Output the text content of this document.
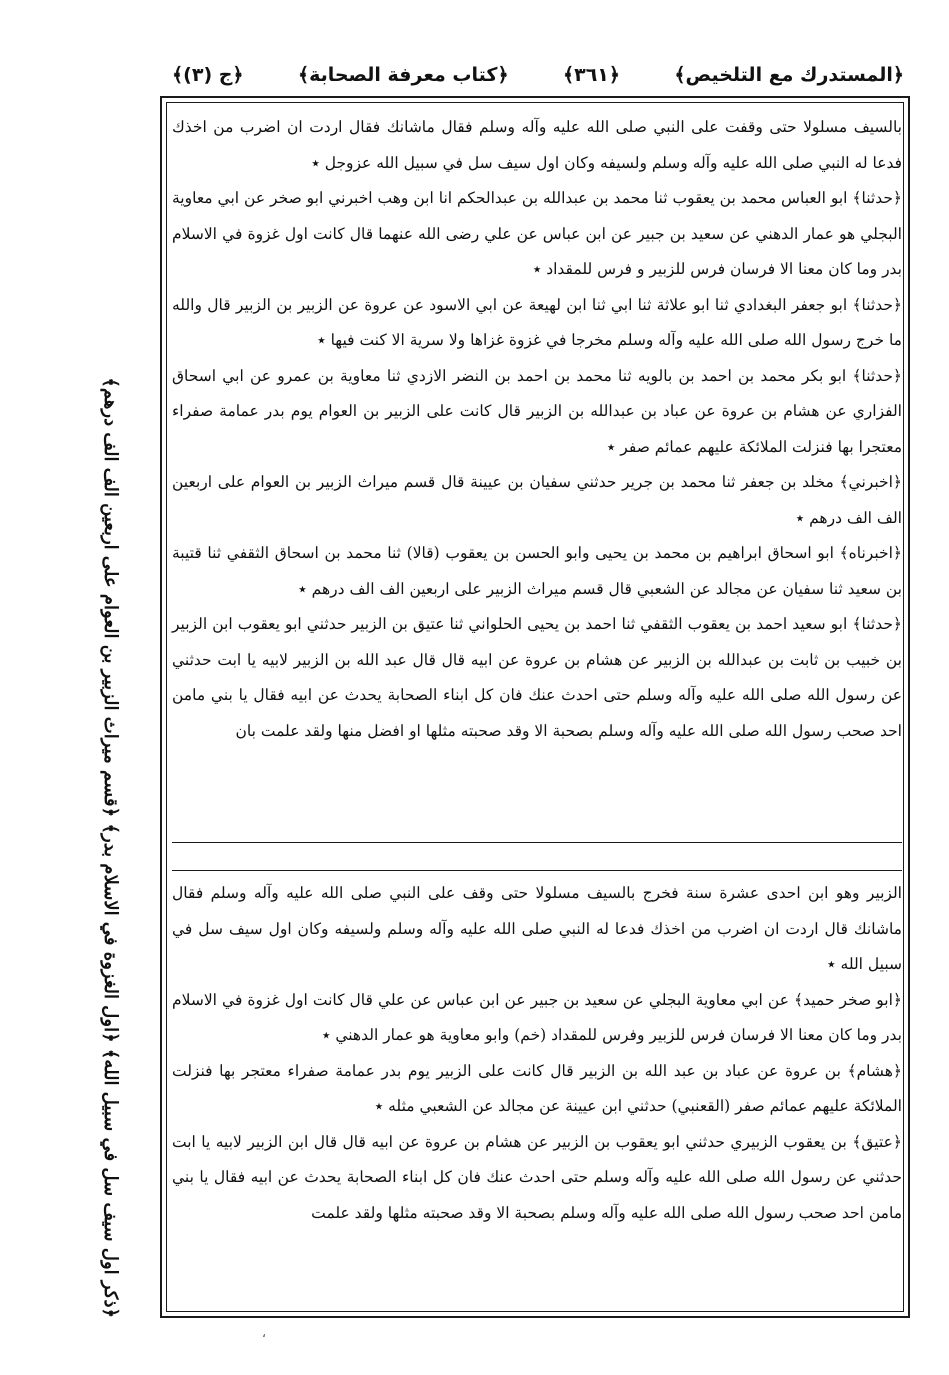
﴿المستدرك مع التلخيص﴾
﴿٣٦١﴾
﴿كتاب معرفة الصحابة﴾
﴿ج (٣)﴾
﴿ذكر اول سيف سل في سبيل الله﴾ ﴿اول الغزوة في الاسلام بدر﴾ ﴿قسم ميراث الزبير بن العوام على اربعين الف الف درهم﴾

بالسيف مسلولا حتى وقفت على النبي صلى الله عليه وآله وسلم فقال ماشانك فقال اردت ان اضرب من اخذك فدعا له النبي صلى الله عليه وآله وسلم ولسيفه وكان اول سيف سل في سبيل الله عزوجل ٭

﴿حدثنا﴾ ابو العباس محمد بن يعقوب ثنا محمد بن عبدالله بن عبدالحكم انا ابن وهب اخبرني ابو صخر عن ابي معاوية البجلي هو عمار الدهني عن سعيد بن جبير عن ابن عباس عن علي رضى الله عنهما قال كانت اول غزوة في الاسلام بدر وما كان معنا الا فرسان فرس للزبير و فرس للمقداد ٭

﴿حدثنا﴾ ابو جعفر البغدادي ثنا ابو علاثة ثنا ابي ثنا ابن لهيعة عن ابي الاسود عن عروة عن الزبير بن الزبير قال والله ما خرج رسول الله صلى الله عليه وآله وسلم مخرجا في غزوة غزاها ولا سرية الا كنت فيها ٭

﴿حدثنا﴾ ابو بكر محمد بن احمد بن بالويه ثنا محمد بن احمد بن النضر الازدي ثنا معاوية بن عمرو عن ابي اسحاق الفزاري عن هشام بن عروة عن عباد بن عبدالله بن الزبير قال كانت على الزبير بن العوام يوم بدر عمامة صفراء معتجرا بها فنزلت الملائكة عليهم عمائم صفر ٭

﴿اخبرني﴾ مخلد بن جعفر ثنا محمد بن جرير حدثني سفيان بن عيينة قال قسم ميراث الزبير بن العوام على اربعين الف الف درهم ٭

﴿اخبرناه﴾ ابو اسحاق ابراهيم بن محمد بن يحيى وابو الحسن بن يعقوب (قالا) ثنا محمد بن اسحاق الثقفي ثنا قتيبة بن سعيد ثنا سفيان عن مجالد عن الشعبي قال قسم ميراث الزبير على اربعين الف الف درهم ٭

﴿حدثنا﴾ ابو سعيد احمد بن يعقوب الثقفي ثنا احمد بن يحيى الحلواني ثنا عتيق بن الزبير حدثني ابو يعقوب ابن الزبير بن خبيب بن ثابت بن عبدالله بن الزبير عن هشام بن عروة عن ابيه قال قال عبد الله بن الزبير لابيه يا ابت حدثني عن رسول الله صلى الله عليه وآله وسلم حتى احدث عنك فان كل ابناء الصحابة يحدث عن ابيه فقال يا بني مامن احد صحب رسول الله صلى الله عليه وآله وسلم بصحبة الا وقد صحبته مثلها او افضل منها ولقد علمت بان

الزبير وهو ابن احدى عشرة سنة فخرج بالسيف مسلولا حتى وقف على النبي صلى الله عليه وآله وسلم فقال ماشانك قال اردت ان اضرب من اخذك فدعا له النبي صلى الله عليه وآله وسلم ولسيفه وكان اول سيف سل في سبيل الله ٭

﴿ابو صخر حميد﴾ عن ابي معاوية البجلي عن سعيد بن جبير عن ابن عباس عن علي قال كانت اول غزوة في الاسلام بدر وما كان معنا الا فرسان فرس للزبير وفرس للمقداد (خم) وابو معاوية هو عمار الدهني ٭

﴿هشام﴾ بن عروة عن عباد بن عبد الله بن الزبير قال كانت على الزبير يوم بدر عمامة صفراء معتجر بها فنزلت الملائكة عليهم عمائم صفر (القعنبي) حدثني ابن عيينة عن مجالد عن الشعبي مثله ٭

﴿عتيق﴾ بن يعقوب الزبيري حدثني ابو يعقوب بن الزبير عن هشام بن عروة عن ابيه قال قال ابن الزبير لابيه يا ابت حدثني عن رسول الله صلى الله عليه وآله وسلم حتى احدث عنك فان كل ابناء الصحابة يحدث عن ابيه فقال يا بني مامن احد صحب رسول الله صلى الله عليه وآله وسلم بصحبة الا وقد صحبته مثلها ولقد علمت

،
